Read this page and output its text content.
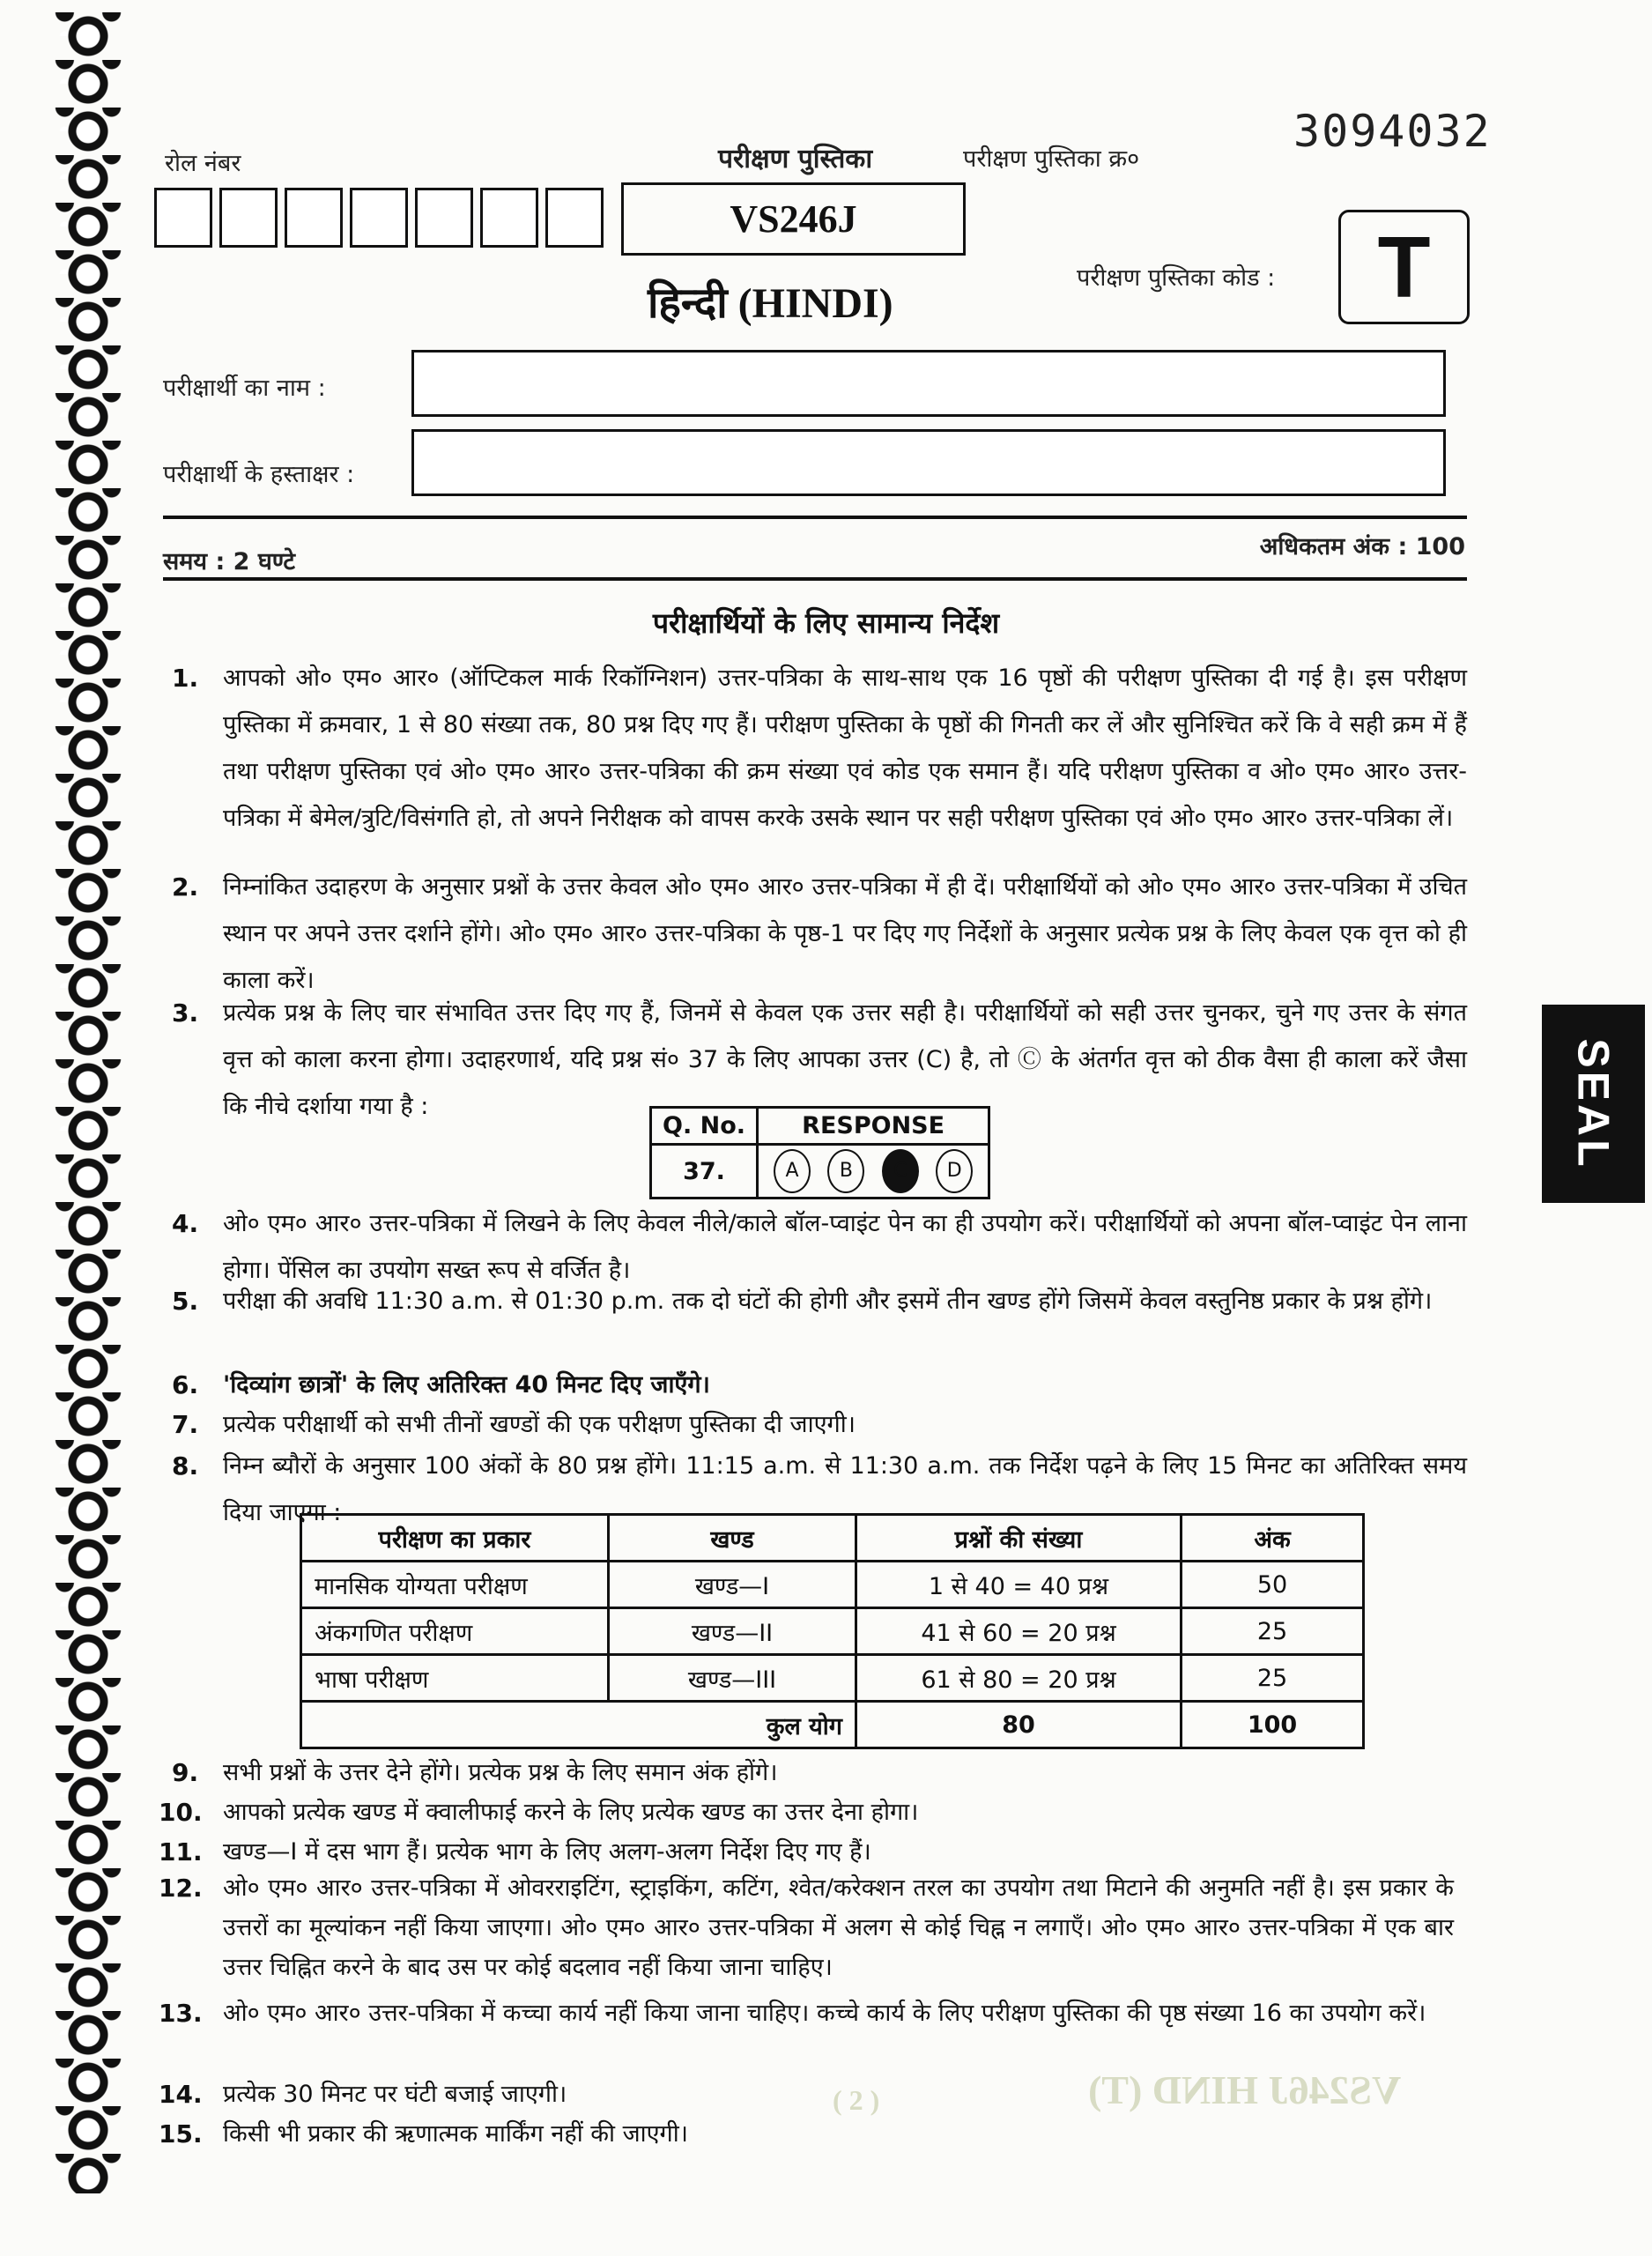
रोल नंबर	परीक्षण पुस्तिका	परीक्षण पुस्तिका क्र०
3094032
VS246J
परीक्षण पुस्तिका कोड :	T
हिन्दी (HINDI)
परीक्षार्थी का नाम :
परीक्षार्थी के हस्ताक्षर :
समय : 2 घण्टे
अधिकतम अंक : 100
परीक्षार्थियों के लिए सामान्य निर्देश
1. आपको ओ० एम० आर० (ऑप्टिकल मार्क रिकॉग्निशन) उत्तर-पत्रिका के साथ-साथ एक 16 पृष्ठों की परीक्षण पुस्तिका दी गई है। इस परीक्षण पुस्तिका में क्रमवार, 1 से 80 संख्या तक, 80 प्रश्न दिए गए हैं। परीक्षण पुस्तिका के पृष्ठों की गिनती कर लें और सुनिश्चित करें कि वे सही क्रम में हैं तथा परीक्षण पुस्तिका एवं ओ० एम० आर० उत्तर-पत्रिका की क्रम संख्या एवं कोड एक समान हैं। यदि परीक्षण पुस्तिका व ओ० एम० आर० उत्तर-पत्रिका में बेमेल/त्रुटि/विसंगति हो, तो अपने निरीक्षक को वापस करके उसके स्थान पर सही परीक्षण पुस्तिका एवं ओ० एम० आर० उत्तर-पत्रिका लें।
2. निम्नांकित उदाहरण के अनुसार प्रश्नों के उत्तर केवल ओ० एम० आर० उत्तर-पत्रिका में ही दें। परीक्षार्थियों को ओ० एम० आर० उत्तर-पत्रिका में उचित स्थान पर अपने उत्तर दर्शाने होंगे। ओ० एम० आर० उत्तर-पत्रिका के पृष्ठ-1 पर दिए गए निर्देशों के अनुसार प्रत्येक प्रश्न के लिए केवल एक वृत्त को ही काला करें।
3. प्रत्येक प्रश्न के लिए चार संभावित उत्तर दिए गए हैं, जिनमें से केवल एक उत्तर सही है। परीक्षार्थियों को सही उत्तर चुनकर, चुने गए उत्तर के संगत वृत्त को काला करना होगा। उदाहरणार्थ, यदि प्रश्न सं० 37 के लिए आपका उत्तर (C) है, तो Ⓒ के अंतर्गत वृत्त को ठीक वैसा ही काला करें जैसा कि नीचे दर्शाया गया है :
Q. No.	RESPONSE
37.	A B C D
4. ओ० एम० आर० उत्तर-पत्रिका में लिखने के लिए केवल नीले/काले बॉल-प्वाइंट पेन का ही उपयोग करें। परीक्षार्थियों को अपना बॉल-प्वाइंट पेन लाना होगा। पेंसिल का उपयोग सख्त रूप से वर्जित है।
5. परीक्षा की अवधि 11:30 a.m. से 01:30 p.m. तक दो घंटों की होगी और इसमें तीन खण्ड होंगे जिसमें केवल वस्तुनिष्ठ प्रकार के प्रश्न होंगे।
6. 'दिव्यांग छात्रों' के लिए अतिरिक्त 40 मिनट दिए जाएँगे।
7. प्रत्येक परीक्षार्थी को सभी तीनों खण्डों की एक परीक्षण पुस्तिका दी जाएगी।
8. निम्न ब्यौरों के अनुसार 100 अंकों के 80 प्रश्न होंगे। 11:15 a.m. से 11:30 a.m. तक निर्देश पढ़ने के लिए 15 मिनट का अतिरिक्त समय दिया जाएगा :
परीक्षण का प्रकार	खण्ड	प्रश्नों की संख्या	अंक
मानसिक योग्यता परीक्षण	खण्ड—I	1 से 40 = 40 प्रश्न	50
अंकगणित परीक्षण	खण्ड—II	41 से 60 = 20 प्रश्न	25
भाषा परीक्षण	खण्ड—III	61 से 80 = 20 प्रश्न	25
कुल योग		80	100
9. सभी प्रश्नों के उत्तर देने होंगे। प्रत्येक प्रश्न के लिए समान अंक होंगे।
10. आपको प्रत्येक खण्ड में क्वालीफाई करने के लिए प्रत्येक खण्ड का उत्तर देना होगा।
11. खण्ड—I में दस भाग हैं। प्रत्येक भाग के लिए अलग-अलग निर्देश दिए गए हैं।
12. ओ० एम० आर० उत्तर-पत्रिका में ओवरराइटिंग, स्ट्राइकिंग, कटिंग, श्वेत/करेक्शन तरल का उपयोग तथा मिटाने की अनुमति नहीं है। इस प्रकार के उत्तरों का मूल्यांकन नहीं किया जाएगा। ओ० एम० आर० उत्तर-पत्रिका में अलग से कोई चिह्न न लगाएँ। ओ० एम० आर० उत्तर-पत्रिका में एक बार उत्तर चिह्नित करने के बाद उस पर कोई बदलाव नहीं किया जाना चाहिए।
13. ओ० एम० आर० उत्तर-पत्रिका में कच्चा कार्य नहीं किया जाना चाहिए। कच्चे कार्य के लिए परीक्षण पुस्तिका की पृष्ठ संख्या 16 का उपयोग करें।
14. प्रत्येक 30 मिनट पर घंटी बजाई जाएगी।
15. किसी भी प्रकार की ऋणात्मक मार्किंग नहीं की जाएगी।
( 2 )	VS246J HIND (T)
SEAL
